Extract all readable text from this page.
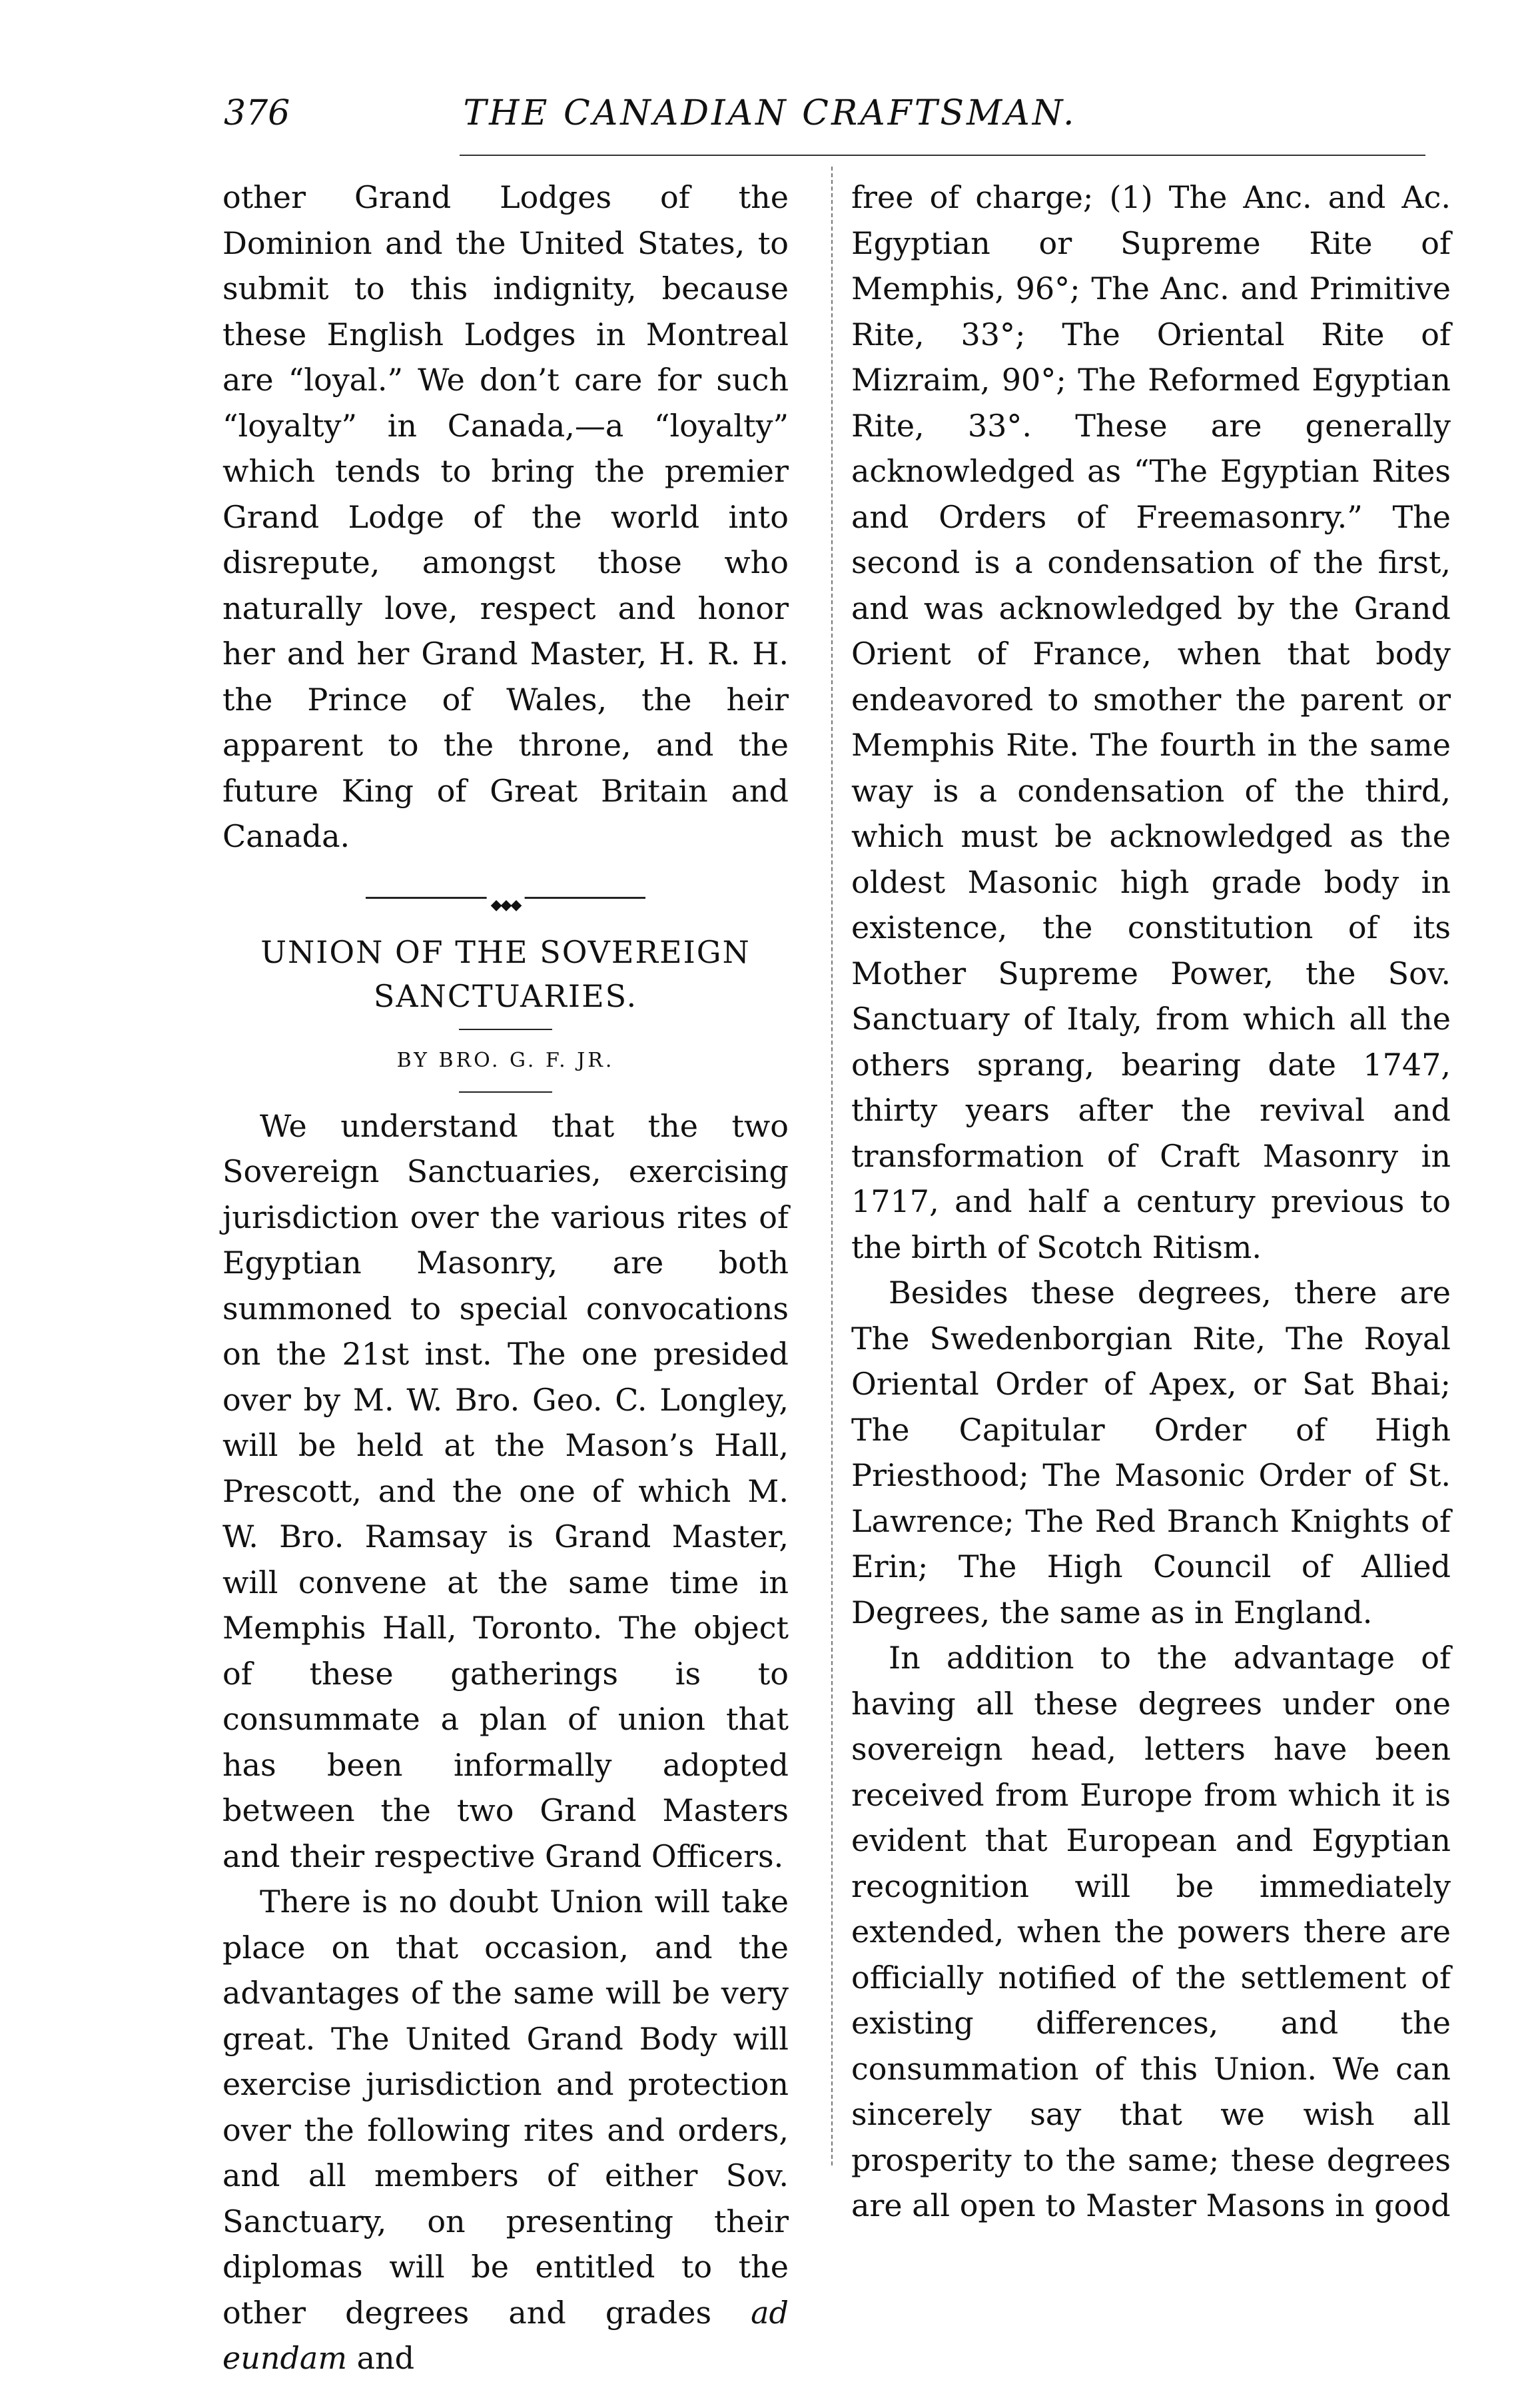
376	THE CANADIAN CRAFTSMAN.

other Grand Lodges of the Dominion and the United States, to submit to this indignity, because these English Lodges in Montreal are “loyal.” We don’t care for such “loyalty” in Canada,—a “loyalty” which tends to bring the premier Grand Lodge of the world into disrepute, amongst those who naturally love, respect and honor her and her Grand Master, H. R. H. the Prince of Wales, the heir apparent to the throne, and the future King of Great Britain and Canada.

◆◆◆

UNION OF THE SOVEREIGN SANCTUARIES.

BY BRO. G. F. JR.

We understand that the two Sovereign Sanctuaries, exercising jurisdiction over the various rites of Egyptian Masonry, are both summoned to special convocations on the 21st inst. The one presided over by M. W. Bro. Geo. C. Longley, will be held at the Mason’s Hall, Prescott, and the one of which M. W. Bro. Ramsay is Grand Master, will convene at the same time in Memphis Hall, Toronto. The object of these gatherings is to consummate a plan of union that has been informally adopted between the two Grand Masters and their respective Grand Officers.

There is no doubt Union will take place on that occasion, and the advantages of the same will be very great. The United Grand Body will exercise jurisdiction and protection over the following rites and orders, and all members of either Sov. Sanctuary, on presenting their diplomas will be entitled to the other degrees and grades ad eundam and

free of charge; (1) The Anc. and Ac. Egyptian or Supreme Rite of Memphis, 96°; The Anc. and Primitive Rite, 33°; The Oriental Rite of Mizraim, 90°; The Reformed Egyptian Rite, 33°. These are generally acknowledged as “The Egyptian Rites and Orders of Freemasonry.” The second is a condensation of the first, and was acknowledged by the Grand Orient of France, when that body endeavored to smother the parent or Memphis Rite. The fourth in the same way is a condensation of the third, which must be acknowledged as the oldest Masonic high grade body in existence, the constitution of its Mother Supreme Power, the Sov. Sanctuary of Italy, from which all the others sprang, bearing date 1747, thirty years after the revival and transformation of Craft Masonry in 1717, and half a century previous to the birth of Scotch Ritism.

Besides these degrees, there are The Swedenborgian Rite, The Royal Oriental Order of Apex, or Sat Bhai; The Capitular Order of High Priesthood; The Masonic Order of St. Lawrence; The Red Branch Knights of Erin; The High Council of Allied Degrees, the same as in England.

In addition to the advantage of having all these degrees under one sovereign head, letters have been received from Europe from which it is evident that European and Egyptian recognition will be immediately extended, when the powers there are officially notified of the settlement of existing differences, and the consummation of this Union. We can sincerely say that we wish all prosperity to the same; these degrees are all open to Master Masons in good
